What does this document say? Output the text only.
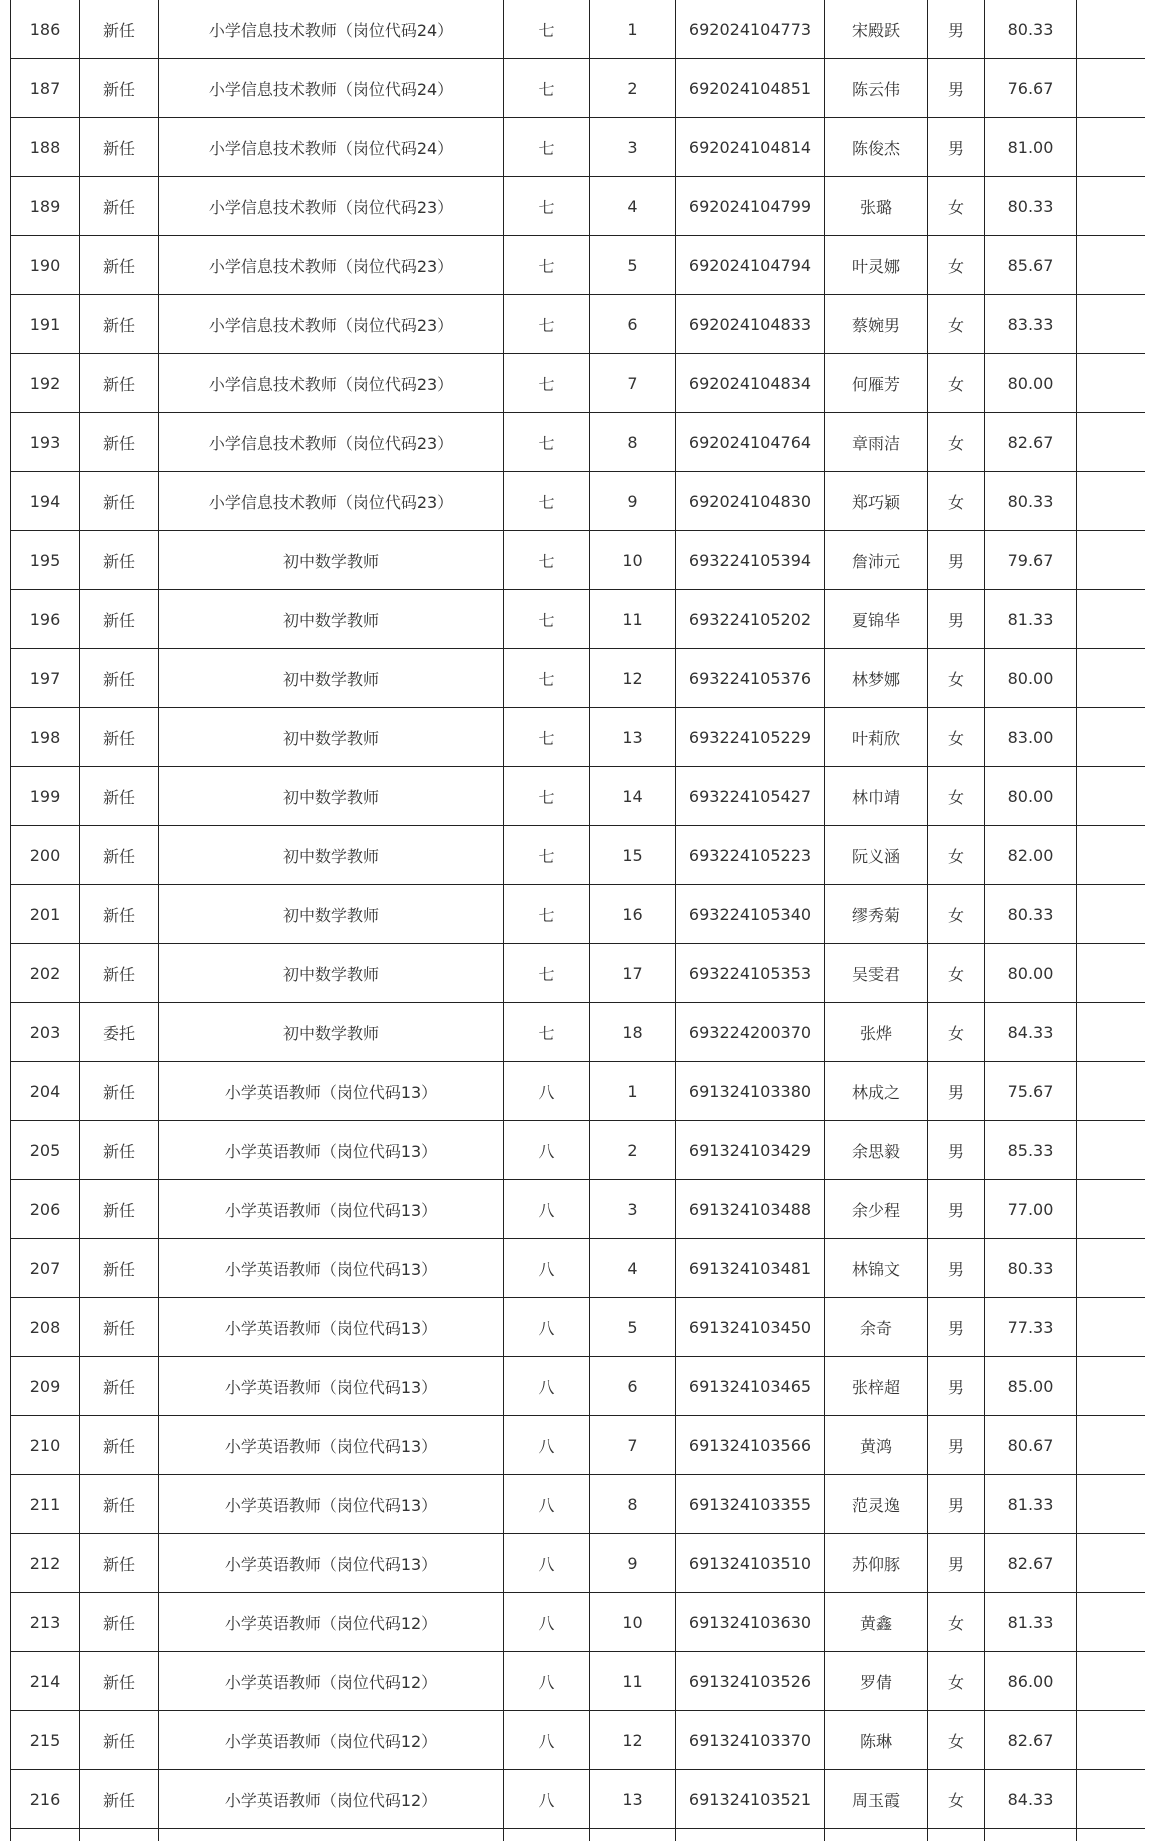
186	新任	小学信息技术教师（岗位代码24）	七	1	692024104773	宋殿跃	男	80.33	
187	新任	小学信息技术教师（岗位代码24）	七	2	692024104851	陈云伟	男	76.67	
188	新任	小学信息技术教师（岗位代码24）	七	3	692024104814	陈俊杰	男	81.00	
189	新任	小学信息技术教师（岗位代码23）	七	4	692024104799	张璐	女	80.33	
190	新任	小学信息技术教师（岗位代码23）	七	5	692024104794	叶灵娜	女	85.67	
191	新任	小学信息技术教师（岗位代码23）	七	6	692024104833	蔡婉男	女	83.33	
192	新任	小学信息技术教师（岗位代码23）	七	7	692024104834	何雁芳	女	80.00	
193	新任	小学信息技术教师（岗位代码23）	七	8	692024104764	章雨洁	女	82.67	
194	新任	小学信息技术教师（岗位代码23）	七	9	692024104830	郑巧颖	女	80.33	
195	新任	初中数学教师	七	10	693224105394	詹沛元	男	79.67	
196	新任	初中数学教师	七	11	693224105202	夏锦华	男	81.33	
197	新任	初中数学教师	七	12	693224105376	林梦娜	女	80.00	
198	新任	初中数学教师	七	13	693224105229	叶莉欣	女	83.00	
199	新任	初中数学教师	七	14	693224105427	林巾靖	女	80.00	
200	新任	初中数学教师	七	15	693224105223	阮义涵	女	82.00	
201	新任	初中数学教师	七	16	693224105340	缪秀菊	女	80.33	
202	新任	初中数学教师	七	17	693224105353	吴雯君	女	80.00	
203	委托	初中数学教师	七	18	693224200370	张烨	女	84.33	
204	新任	小学英语教师（岗位代码13）	八	1	691324103380	林成之	男	75.67	
205	新任	小学英语教师（岗位代码13）	八	2	691324103429	余思毅	男	85.33	
206	新任	小学英语教师（岗位代码13）	八	3	691324103488	余少程	男	77.00	
207	新任	小学英语教师（岗位代码13）	八	4	691324103481	林锦文	男	80.33	
208	新任	小学英语教师（岗位代码13）	八	5	691324103450	余奇	男	77.33	
209	新任	小学英语教师（岗位代码13）	八	6	691324103465	张梓超	男	85.00	
210	新任	小学英语教师（岗位代码13）	八	7	691324103566	黄鸿	男	80.67	
211	新任	小学英语教师（岗位代码13）	八	8	691324103355	范灵逸	男	81.33	
212	新任	小学英语教师（岗位代码13）	八	9	691324103510	苏仰豚	男	82.67	
213	新任	小学英语教师（岗位代码12）	八	10	691324103630	黄鑫	女	81.33	
214	新任	小学英语教师（岗位代码12）	八	11	691324103526	罗倩	女	86.00	
215	新任	小学英语教师（岗位代码12）	八	12	691324103370	陈琳	女	82.67	
216	新任	小学英语教师（岗位代码12）	八	13	691324103521	周玉霞	女	84.33	
